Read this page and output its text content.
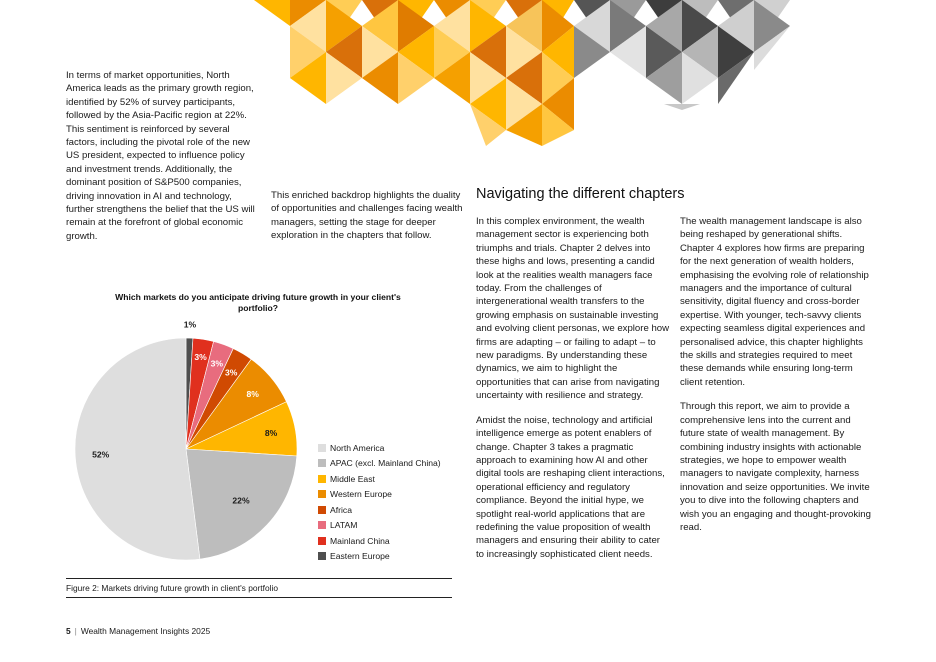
In terms of market opportunities, North America leads as the primary growth region, identified by 52% of survey participants, followed by the Asia-Pacific region at 22%. This sentiment is reinforced by several factors, including the pivotal role of the new US president, expected to influence policy and investment trends. Additionally, the dominant position of S&P500 companies, driving innovation in AI and technology, further strengthens the belief that the US will remain at the forefront of global economic growth.
This enriched backdrop highlights the duality of opportunities and challenges facing wealth managers, setting the stage for deeper exploration in the chapters that follow.
Navigating the different chapters

In this complex environment, the wealth management sector is experiencing both triumphs and trials. Chapter 2 delves into these highs and lows, presenting a candid look at the realities wealth managers face today. From the challenges of intergenerational wealth transfers to the growing emphasis on sustainable investing and evolving client personas, we explore how firms are adapting – or failing to adapt – to new paradigms. By understanding these dynamics, we aim to highlight the opportunities that can arise from navigating uncertainty with resilience and strategy.

Amidst the noise, technology and artificial intelligence emerge as potent enablers of change. Chapter 3 takes a pragmatic approach to examining how AI and other digital tools are reshaping client interactions, operational efficiency and regulatory compliance. Beyond the initial hype, we spotlight real-world applications that are redefining the value proposition of wealth managers and ensuring their ability to cater to increasingly sophisticated client needs.

The wealth management landscape is also being reshaped by generational shifts. Chapter 4 explores how firms are preparing for the next generation of wealth holders, emphasising the evolving role of relationship managers and the importance of cultural sensitivity, digital fluency and cross-border expertise. With younger, tech-savvy clients expecting seamless digital experiences and personalised advice, this chapter highlights the skills and strategies required to meet these demands while ensuring long-term client retention.

Through this report, we aim to provide a comprehensive lens into the current and future state of wealth management. By combining industry insights with actionable strategies, we hope to empower wealth managers to navigate complexity, harness innovation and seize opportunities. We invite you to dive into the following chapters and wish you an engaging and thought-provoking read.

Which markets do you anticipate driving future growth in your client's portfolio?
1%
3%
3%
3%
8%
8%
22%
52%
North America
APAC (excl. Mainland China)
Middle East
Western Europe
Africa
LATAM
Mainland China
Eastern Europe
Figure 2: Markets driving future growth in client's portfolio
5 | Wealth Management Insights 2025
